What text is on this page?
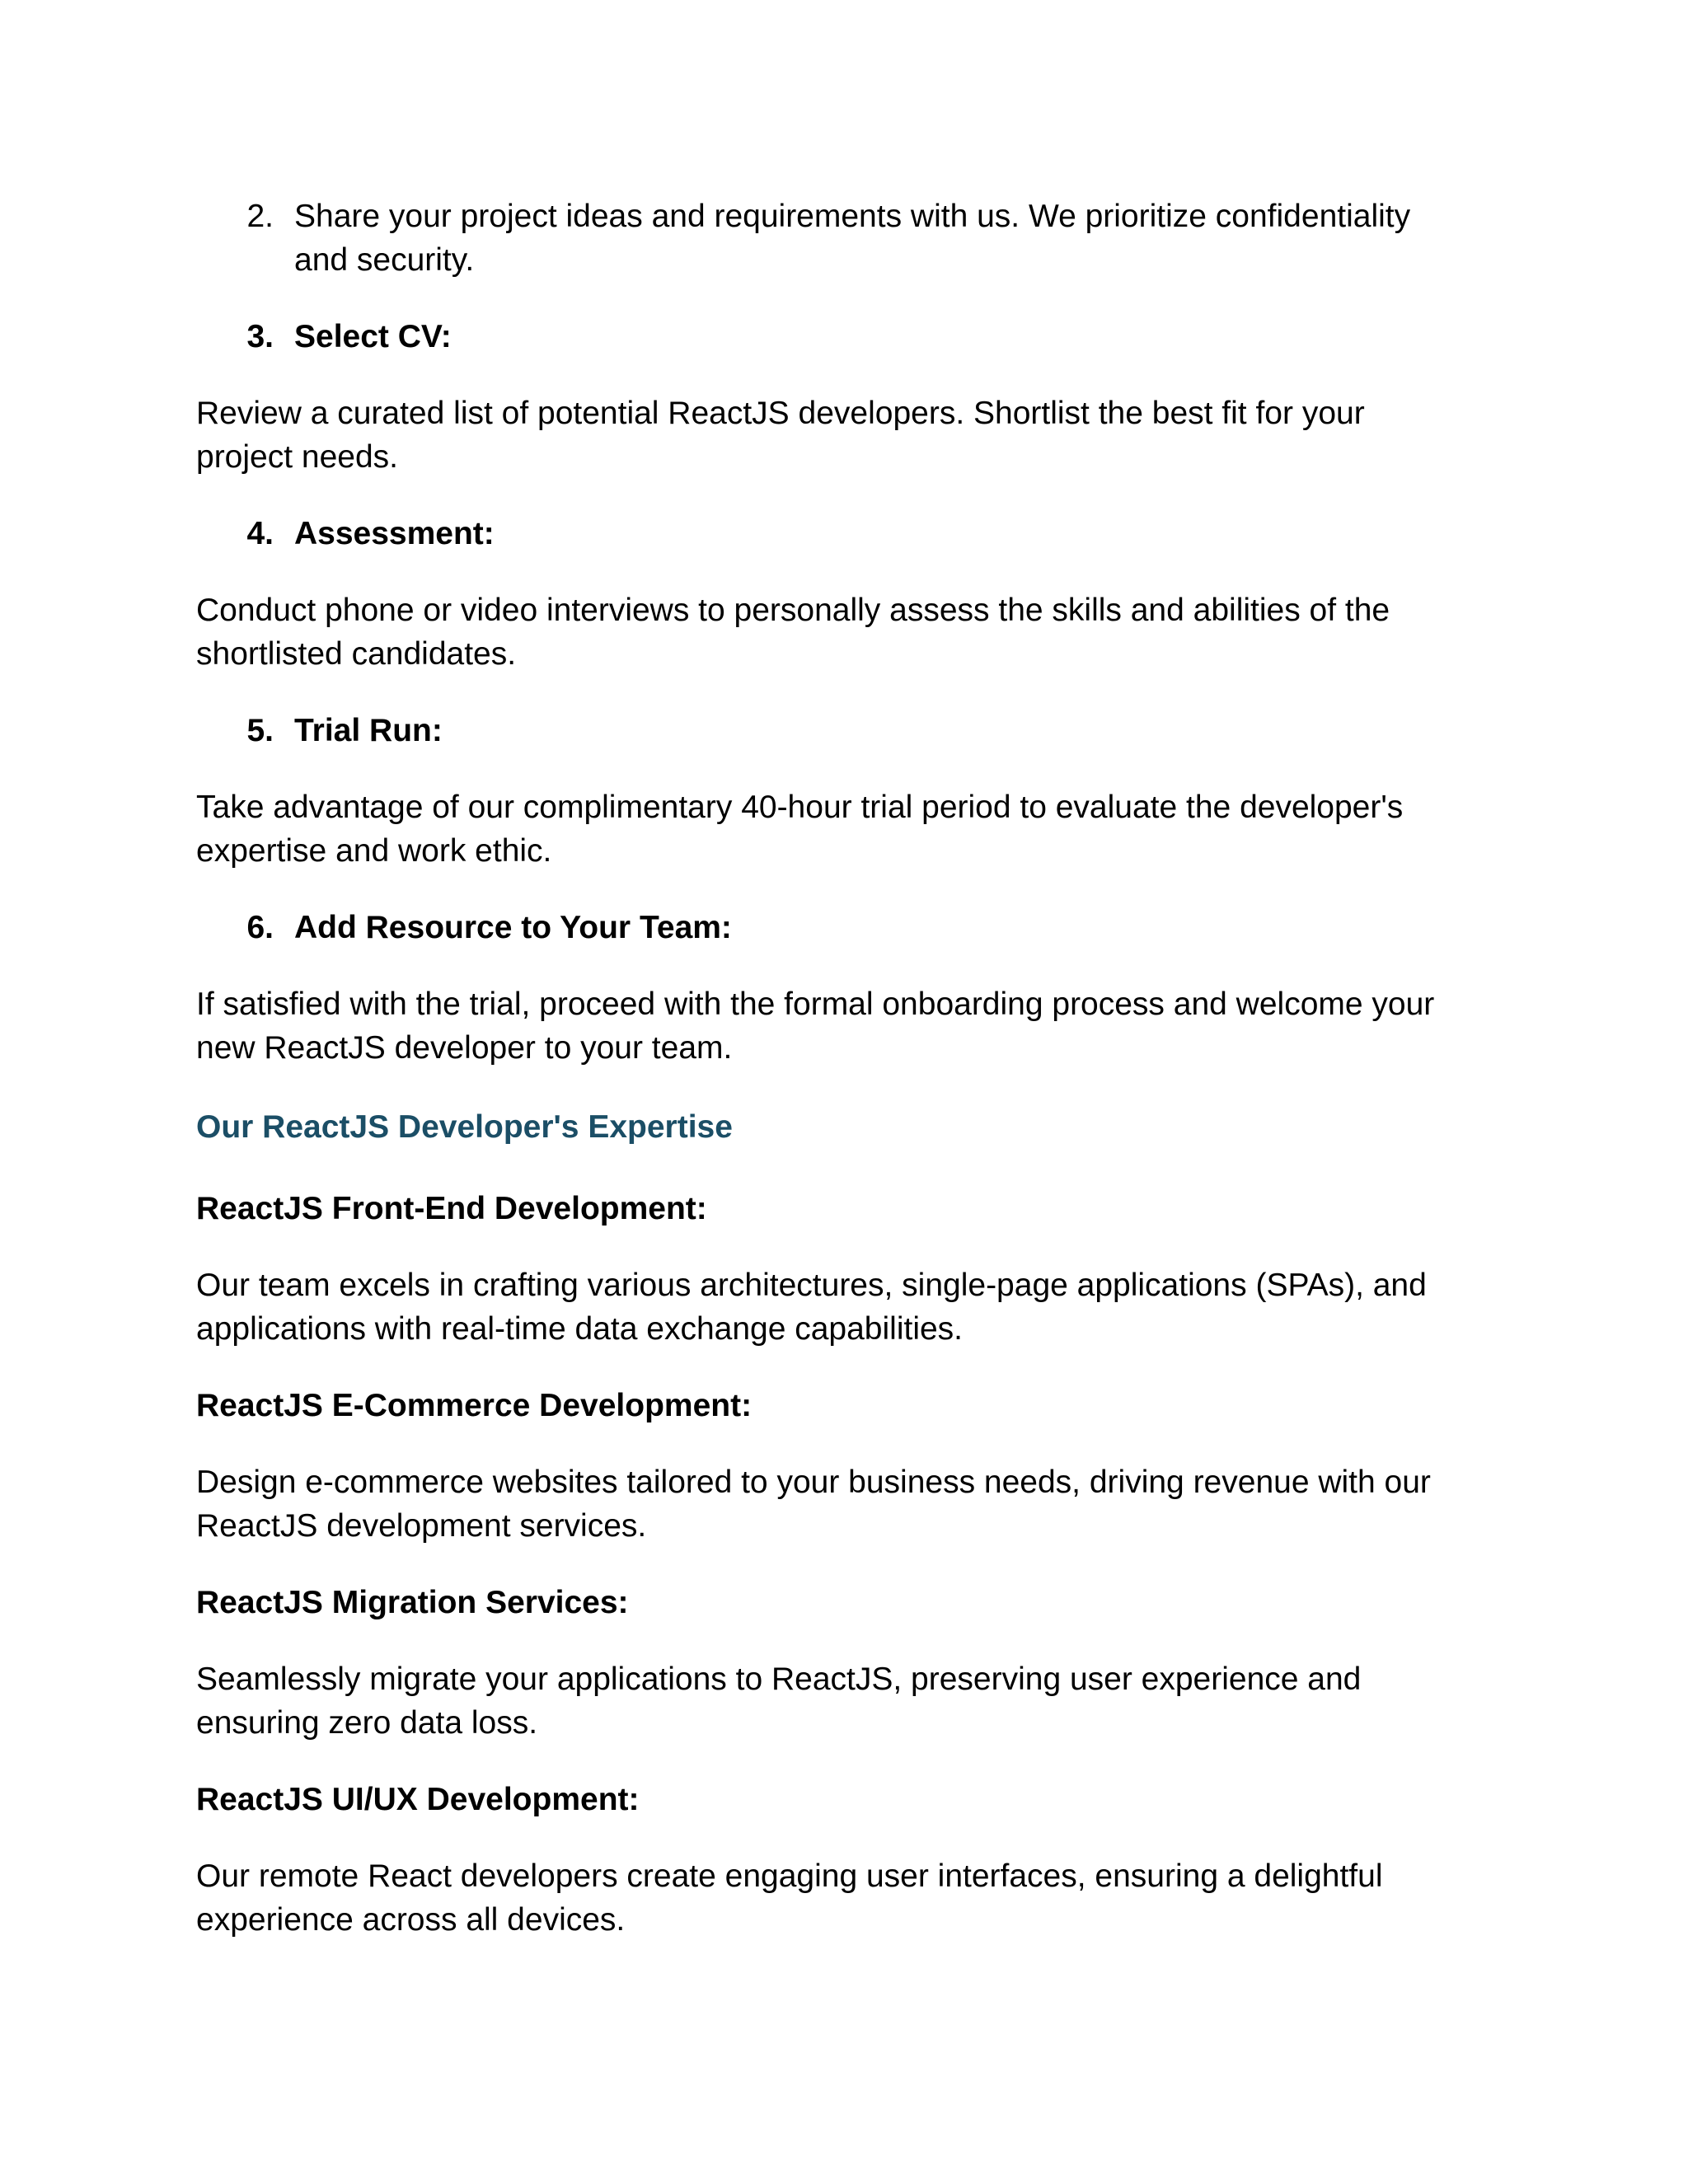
2. Share your project ideas and requirements with us. We prioritize confidentiality
and security.
3. Select CV:
Review a curated list of potential ReactJS developers. Shortlist the best fit for your
project needs.
4. Assessment:
Conduct phone or video interviews to personally assess the skills and abilities of the
shortlisted candidates.
5. Trial Run:
Take advantage of our complimentary 40-hour trial period to evaluate the developer's
expertise and work ethic.
6. Add Resource to Your Team:
If satisfied with the trial, proceed with the formal onboarding process and welcome your
new ReactJS developer to your team.
Our ReactJS Developer's Expertise
ReactJS Front-End Development:
Our team excels in crafting various architectures, single-page applications (SPAs), and
applications with real-time data exchange capabilities.
ReactJS E-Commerce Development:
Design e-commerce websites tailored to your business needs, driving revenue with our
ReactJS development services.
ReactJS Migration Services:
Seamlessly migrate your applications to ReactJS, preserving user experience and
ensuring zero data loss.
ReactJS UI/UX Development:
Our remote React developers create engaging user interfaces, ensuring a delightful
experience across all devices.
